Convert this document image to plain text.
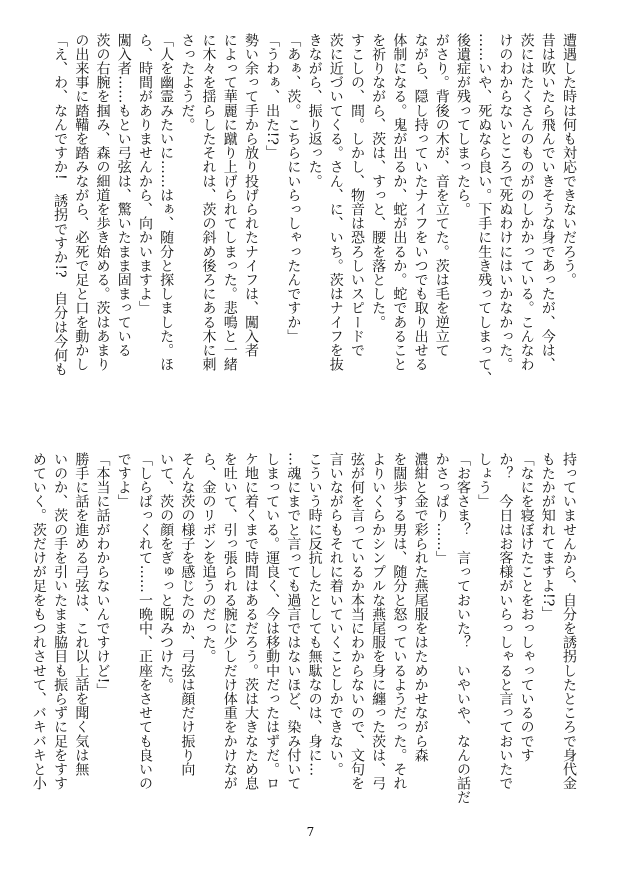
遭遇した時は何も対応できないだろう。
昔は吹いたら飛んでいきそうな身であったが、今は、
茨にはたくさんのものがのしかかっている。こんなわ
けのわからないところで死ぬわけにはいかなかった。
……いや、死ぬなら良い。下手に生き残ってしまって、
後遺症が残ってしまったら。
がさり。背後の木が、音を立てた。茨は毛を逆立て
ながら、隠し持っていたナイフをいつでも取り出せる
体制になる。鬼が出るか、蛇が出るか。蛇であること
を祈りながら、茨は、すっと、腰を落とした。
すこしの、間。しかし、物音は恐ろしいスピードで
茨に近づいてくる。さん、に、いち。茨はナイフを抜
きながら、振り返った。
「あぁ、茨。こちらにいらっしゃったんですか」
「うわぁ、出た!?」
勢い余って手から放り投げられたナイフは、闖入者
によって華麗に蹴り上げられてしまった。悲鳴と一緒
に木々を揺らしたそれは、茨の斜め後ろにある木に刺
さったようだ。
「人を幽霊みたいに……はぁ、随分と探しました。ほ
ら、時間がありませんから、向かいますよ」
闖入者……もとい弓弦は、驚いたまま固まっている
茨の右腕を掴み、森の細道を歩き始める。茨はあまり
の出来事に踏鞴を踏みながら、必死で足と口を動かし
「え、わ、なんですか!　誘拐ですか!?　自分は今何も
持っていませんから、自分を誘拐したところで身代金
もたかが知れてますよ!?」
「なにを寝ぼけたことをおっしゃっているのです
か？　今日はお客様がいらっしゃると言っておいたで
しょう」
「お客さま？　言っておいた？　いやいや、なんの話だ
かさっぱり……」
濃紺と金で彩られた燕尾服をはためかせながら森
を闊歩する男は、随分と怒っているようだった。それ
よりいくらかシンプルな燕尾服を身に纏った茨は、弓
弦が何を言っているか本当にわからないので、文句を
言いながらもそれに着いていくことしかできない。
こういう時に反抗したとしても無駄なのは、身に…
…魂にまでと言っても過言ではないほど、染み付いて
しまっている。運良く、今は移動中だったはずだ。ロ
ケ地に着くまで時間はあるだろう。茨は大きなため息
を吐いて、引っ張られる腕に少しだけ体重をかけなが
ら、金のリボンを追うのだった。
そんな茨の様子を感じたのか、弓弦は顔だけ振り向
いて、茨の顔をぎゅっと睨みつけた。
「しらばっくれて……一晩中、正座をさせても良いの
ですよ」
「本当に話がわからないんですけど!」
勝手に話を進める弓弦は、これ以上話を聞く気は無
いのか、茨の手を引いたまま脇目も振らずに足をすす
めていく。茨だけが足をもつれさせて、バキバキと小
7
